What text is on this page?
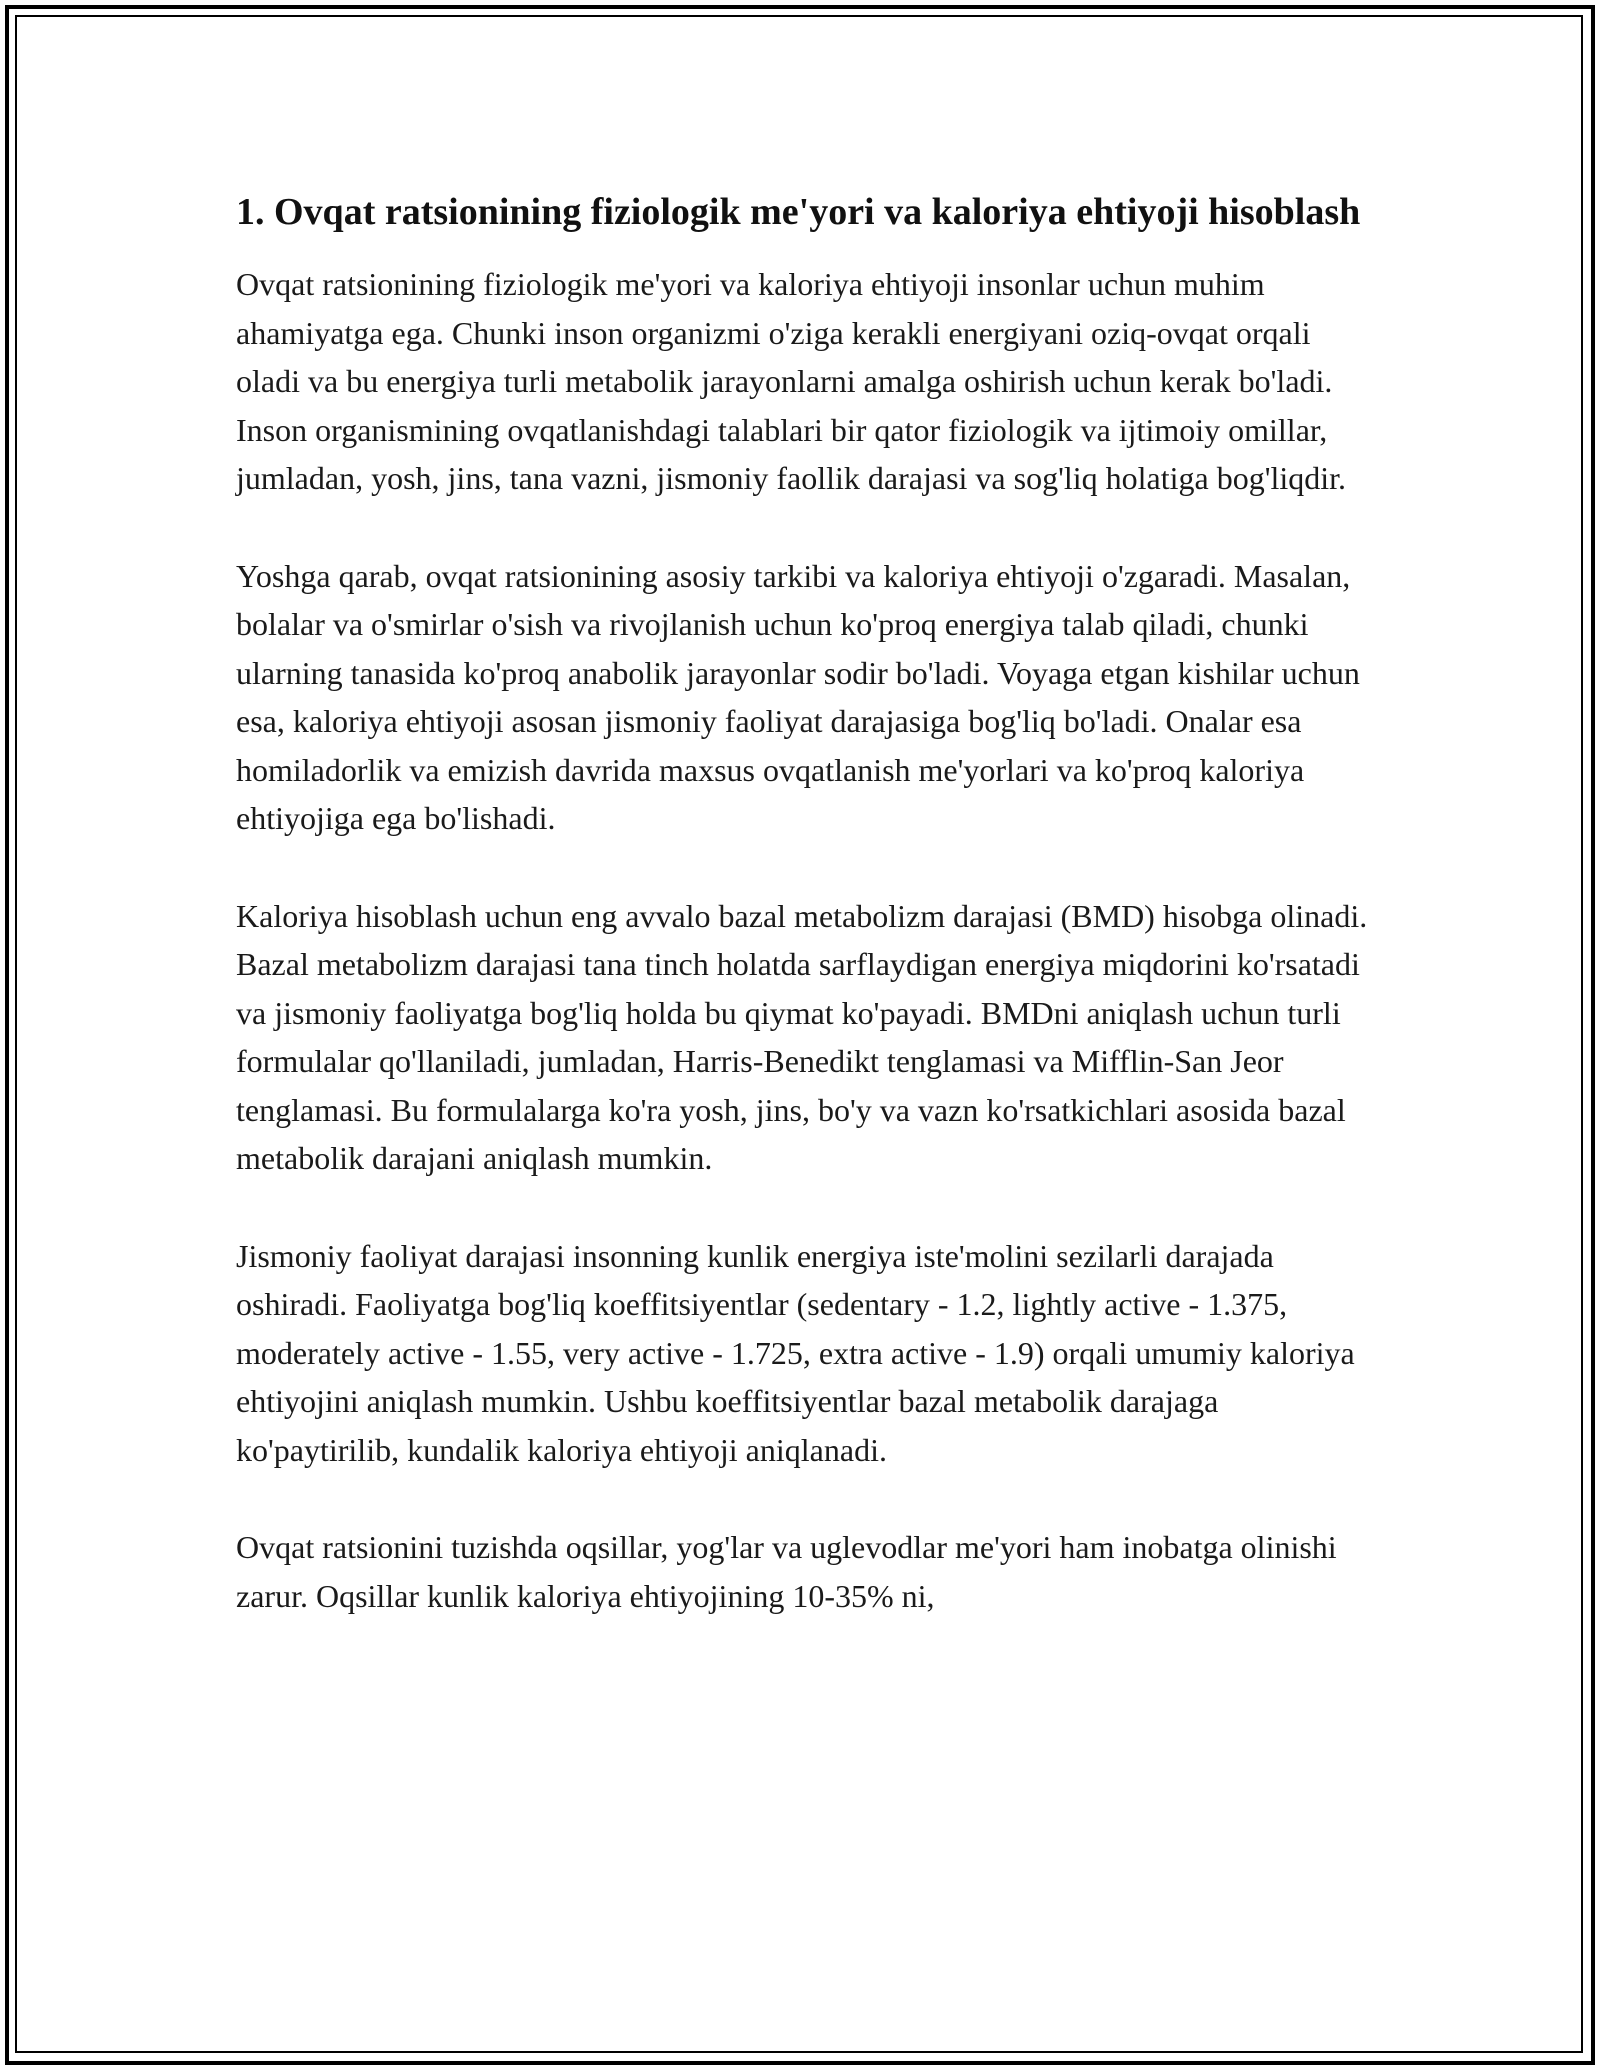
1. Ovqat ratsionining fiziologik me'yori va kaloriya ehtiyoji hisoblash

Ovqat ratsionining fiziologik me'yori va kaloriya ehtiyoji insonlar uchun muhim ahamiyatga ega. Chunki inson organizmi o'ziga kerakli energiyani oziq-ovqat orqali oladi va bu energiya turli metabolik jarayonlarni amalga oshirish uchun kerak bo'ladi. Inson organismining ovqatlanishdagi talablari bir qator fiziologik va ijtimoiy omillar, jumladan, yosh, jins, tana vazni, jismoniy faollik darajasi va sog'liq holatiga bog'liqdir.

Yoshga qarab, ovqat ratsionining asosiy tarkibi va kaloriya ehtiyoji o'zgaradi. Masalan, bolalar va o'smirlar o'sish va rivojlanish uchun ko'proq energiya talab qiladi, chunki ularning tanasida ko'proq anabolik jarayonlar sodir bo'ladi. Voyaga etgan kishilar uchun esa, kaloriya ehtiyoji asosan jismoniy faoliyat darajasiga bog'liq bo'ladi. Onalar esa homiladorlik va emizish davrida maxsus ovqatlanish me'yorlari va ko'proq kaloriya ehtiyojiga ega bo'lishadi.

Kaloriya hisoblash uchun eng avvalo bazal metabolizm darajasi (BMD) hisobga olinadi. Bazal metabolizm darajasi tana tinch holatda sarflaydigan energiya miqdorini ko'rsatadi va jismoniy faoliyatga bog'liq holda bu qiymat ko'payadi. BMDni aniqlash uchun turli formulalar qo'llaniladi, jumladan, Harris-Benedikt tenglamasi va Mifflin-San Jeor tenglamasi. Bu formulalarga ko'ra yosh, jins, bo'y va vazn ko'rsatkichlari asosida bazal metabolik darajani aniqlash mumkin.

Jismoniy faoliyat darajasi insonning kunlik energiya iste'molini sezilarli darajada oshiradi. Faoliyatga bog'liq koeffitsiyentlar (sedentary - 1.2, lightly active - 1.375, moderately active - 1.55, very active - 1.725, extra active - 1.9) orqali umumiy kaloriya ehtiyojini aniqlash mumkin. Ushbu koeffitsiyentlar bazal metabolik darajaga ko'paytirilib, kundalik kaloriya ehtiyoji aniqlanadi.

Ovqat ratsionini tuzishda oqsillar, yog'lar va uglevodlar me'yori ham inobatga olinishi zarur. Oqsillar kunlik kaloriya ehtiyojining 10-35% ni,
